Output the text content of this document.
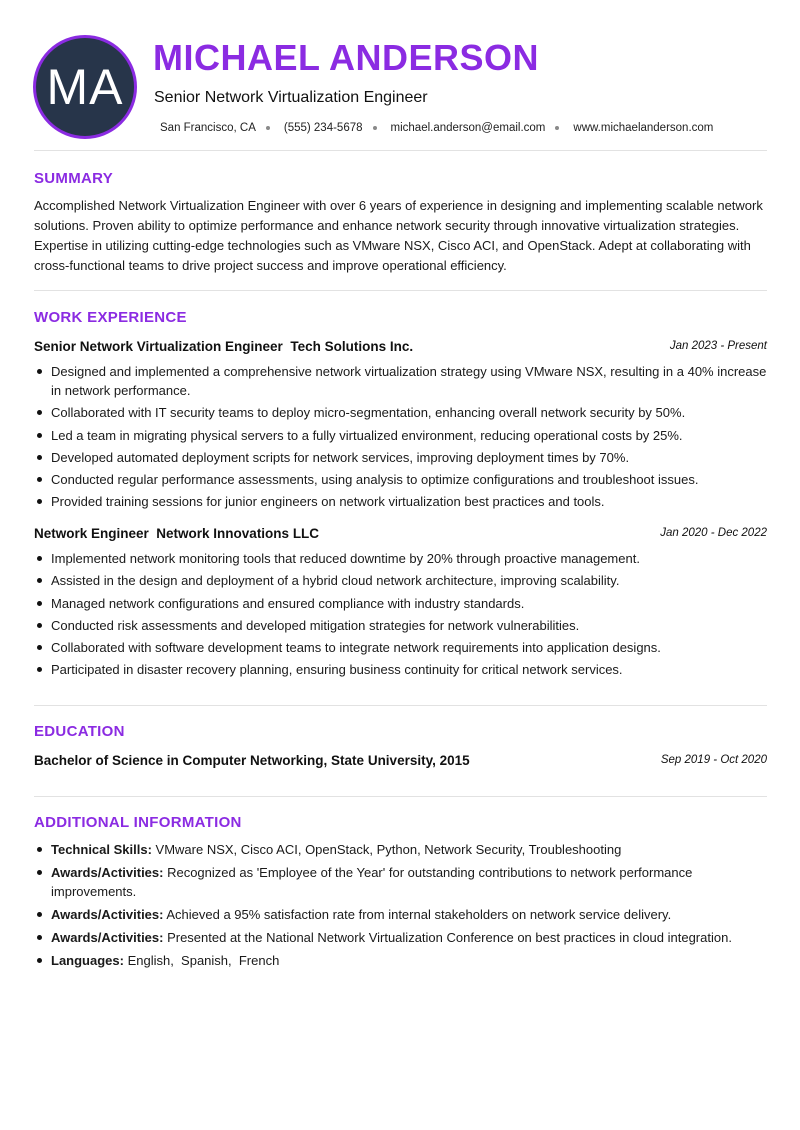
MA
MICHAEL ANDERSON
Senior Network Virtualization Engineer
San Francisco, CA (555) 234-5678 michael.anderson@email.com www.michaelanderson.com
SUMMARY

Accomplished Network Virtualization Engineer with over 6 years of experience in designing and implementing scalable network solutions. Proven ability to optimize performance and enhance network security through innovative virtualization strategies. Expertise in utilizing cutting-edge technologies such as VMware NSX, Cisco ACI, and OpenStack. Adept at collaborating with cross-functional teams to drive project success and improve operational efficiency.

WORK EXPERIENCE
Senior Network Virtualization Engineer Tech Solutions Inc.	Jan 2023 - Present
Designed and implemented a comprehensive network virtualization strategy using VMware NSX, resulting in a 40% increase in network performance.
Collaborated with IT security teams to deploy micro-segmentation, enhancing overall network security by 50%.
Led a team in migrating physical servers to a fully virtualized environment, reducing operational costs by 25%.
Developed automated deployment scripts for network services, improving deployment times by 70%.
Conducted regular performance assessments, using analysis to optimize configurations and troubleshoot issues.
Provided training sessions for junior engineers on network virtualization best practices and tools.
Network Engineer Network Innovations LLC	Jan 2020 - Dec 2022
Implemented network monitoring tools that reduced downtime by 20% through proactive management.
Assisted in the design and deployment of a hybrid cloud network architecture, improving scalability.
Managed network configurations and ensured compliance with industry standards.
Conducted risk assessments and developed mitigation strategies for network vulnerabilities.
Collaborated with software development teams to integrate network requirements into application designs.
Participated in disaster recovery planning, ensuring business continuity for critical network services.
EDUCATION
Bachelor of Science in Computer Networking, State University, 2015	Sep 2019 - Oct 2020
ADDITIONAL INFORMATION
Technical Skills: VMware NSX, Cisco ACI, OpenStack, Python, Network Security, Troubleshooting
Awards/Activities: Recognized as 'Employee of the Year' for outstanding contributions to network performance improvements.
Awards/Activities: Achieved a 95% satisfaction rate from internal stakeholders on network service delivery.
Awards/Activities: Presented at the National Network Virtualization Conference on best practices in cloud integration.
Languages: English,  Spanish,  French
